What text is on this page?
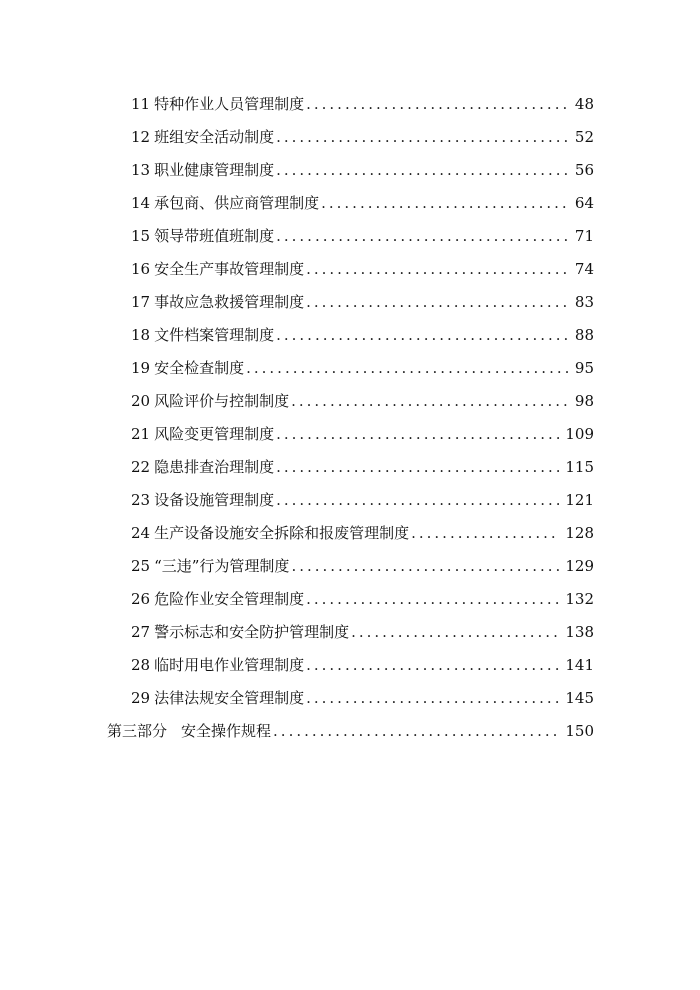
11 特种作业人员管理制度 .....	48
12 班组安全活动制度 .....	52
13 职业健康管理制度 .....	56
14 承包商、供应商管理制度 .....	64
15 领导带班值班制度 .....	71
16 安全生产事故管理制度 .....	74
17 事故应急救援管理制度 .....	83
18 文件档案管理制度 .....	88
19 安全检查制度 .....	95
20 风险评价与控制制度 .....	98
21 风险变更管理制度 .....	109
22 隐患排查治理制度 .....	115
23 设备设施管理制度 .....	121
24 生产设备设施安全拆除和报废管理制度 .....	128
25 “三违”行为管理制度 .....	129
26 危险作业安全管理制度 .....	132
27 警示标志和安全防护管理制度 .....	138
28 临时用电作业管理制度 .....	141
29 法律法规安全管理制度 .....	145
第三部分 安全操作规程 .....	150
